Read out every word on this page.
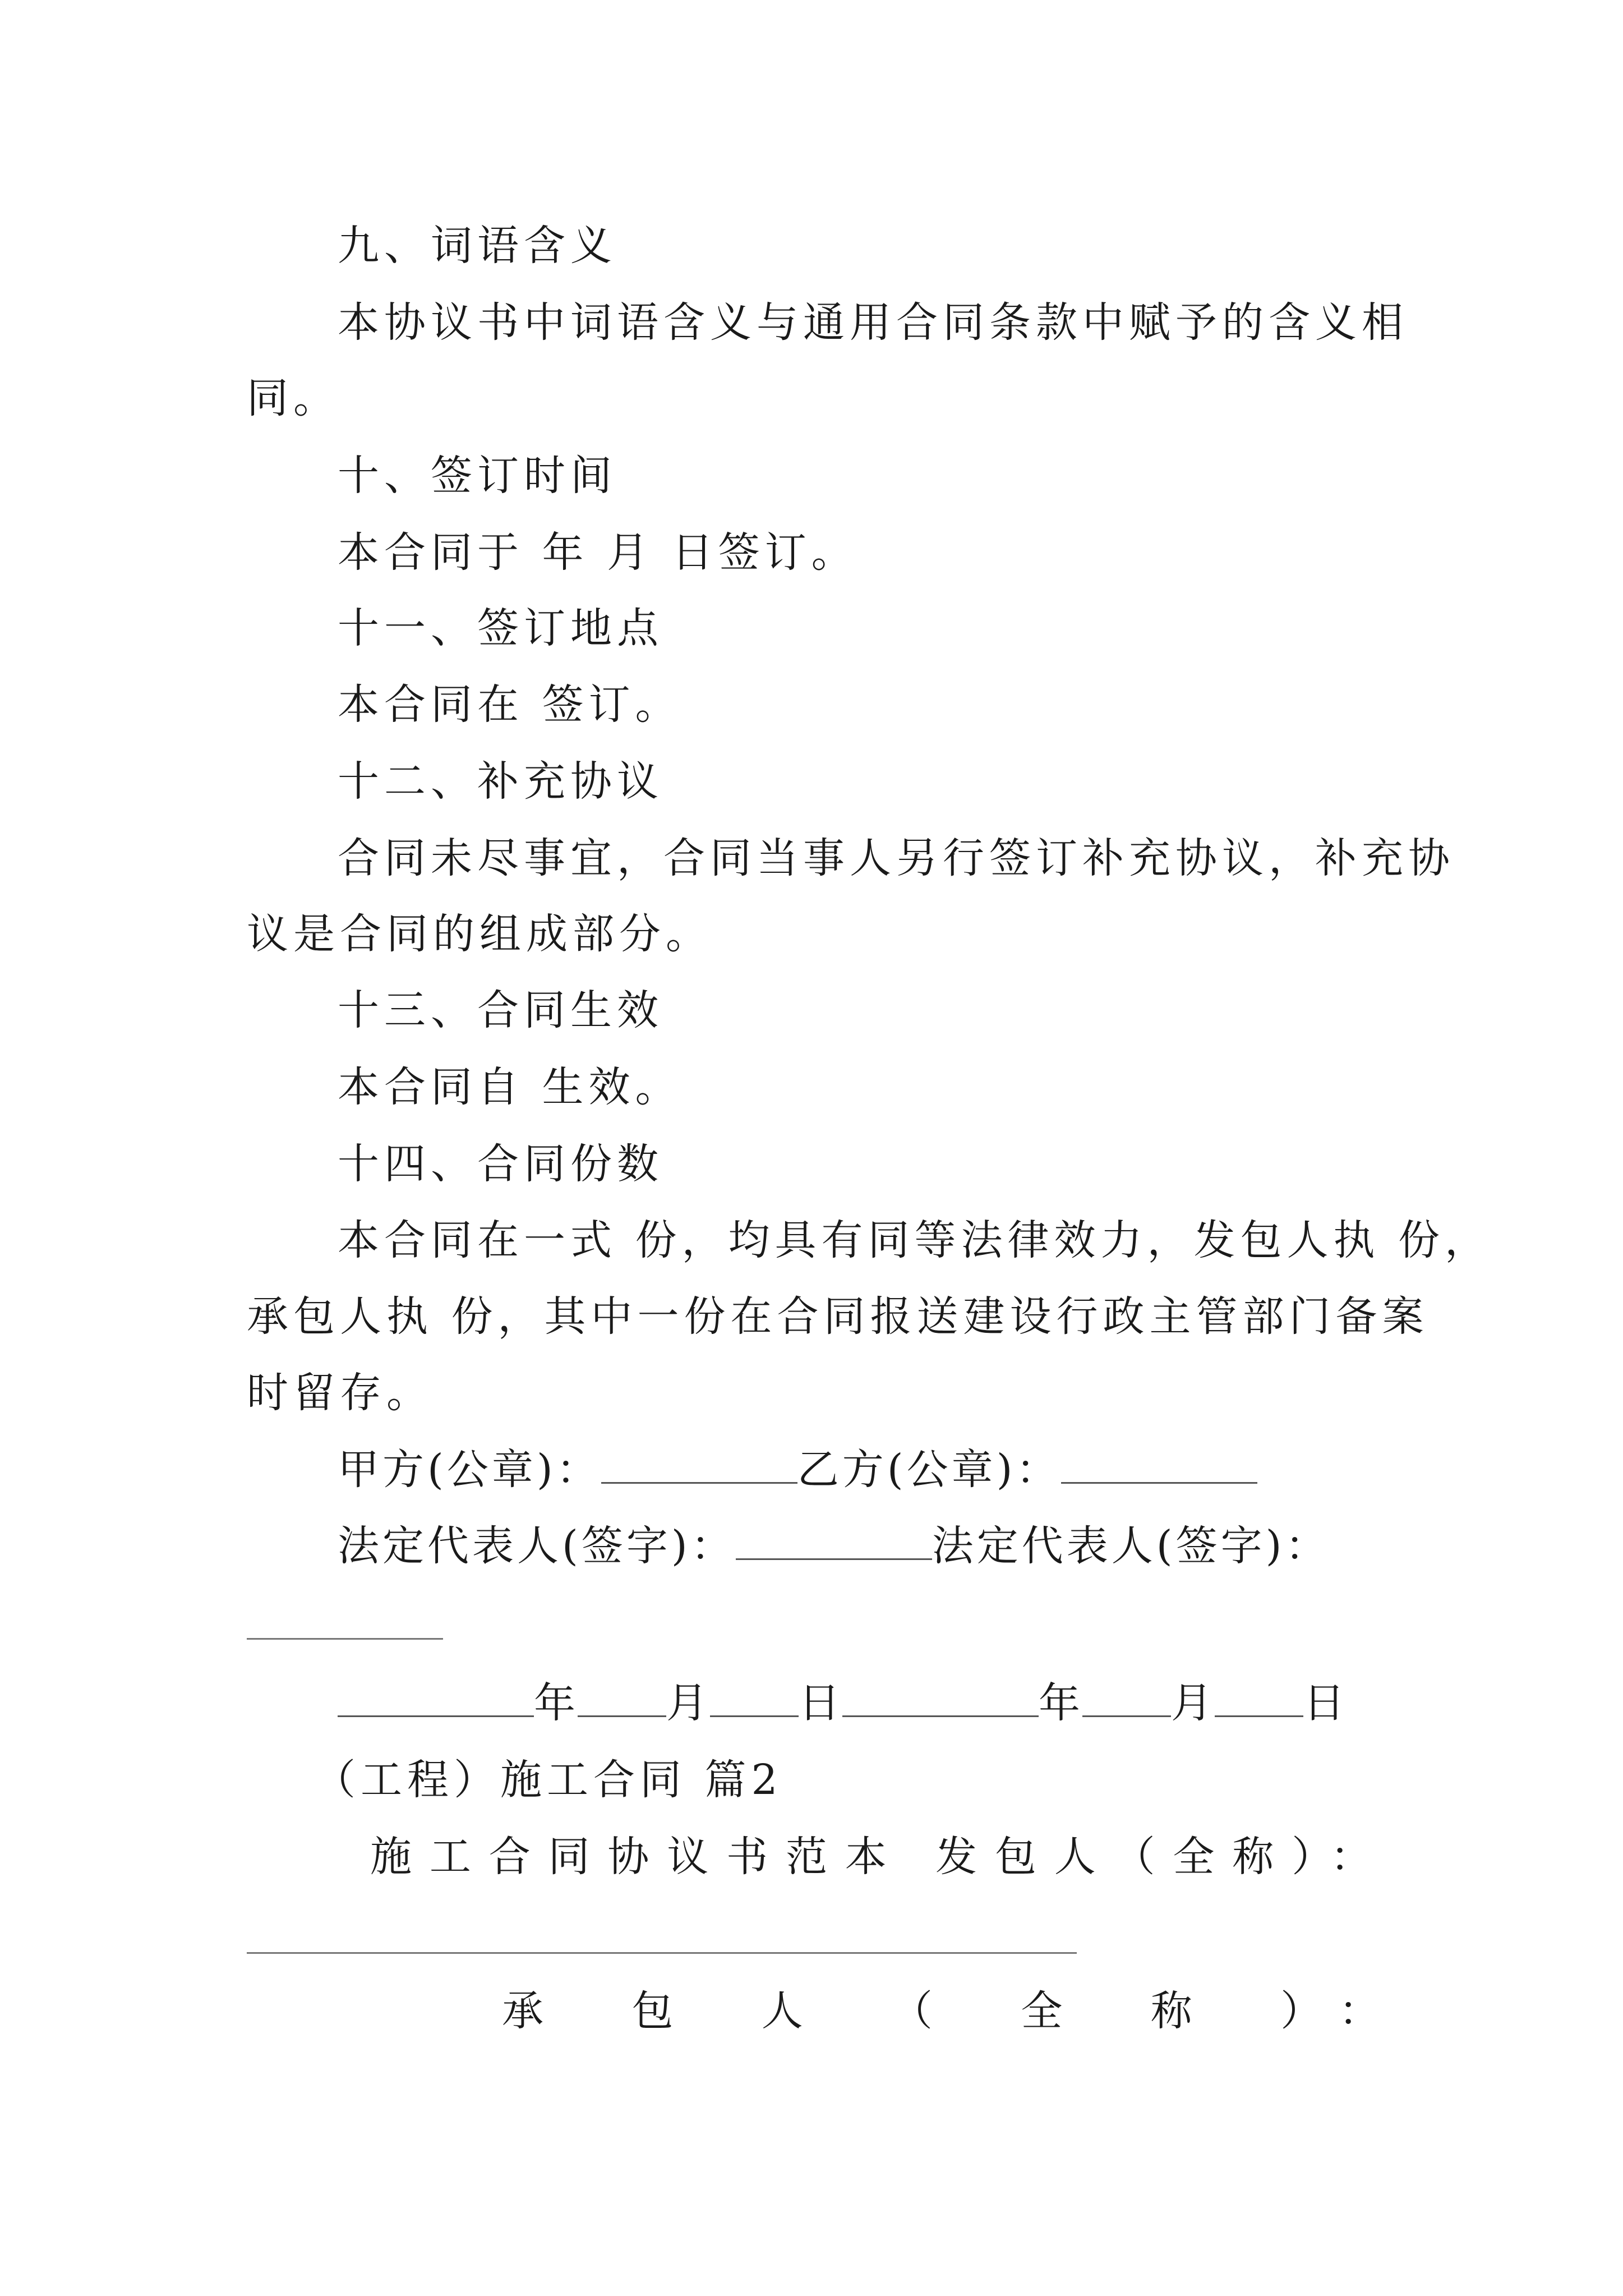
九、词语含义
本协议书中词语含义与通用合同条款中赋予的含义相
同。
十、签订时间
本合同于 年 月 日签订。
十一、签订地点
本合同在 签订。
十二、补充协议
合同未尽事宜，合同当事人另行签订补充协议，补充协
议是合同的组成部分。
十三、合同生效
本合同自 生效。
十四、合同份数
本合同在一式 份，均具有同等法律效力，发包人执 份，
承包人执 份，其中一份在合同报送建设行政主管部门备案
时留存。
甲方(公章)：	乙方(公章)：
法定代表人(签字)：	法定代表人(签字)：
年 月 日	年 月 日
（工程）施工合同 篇2
施工合同协议书范本 发包人（全称）：
承 包 人 （ 全 称 ）：
